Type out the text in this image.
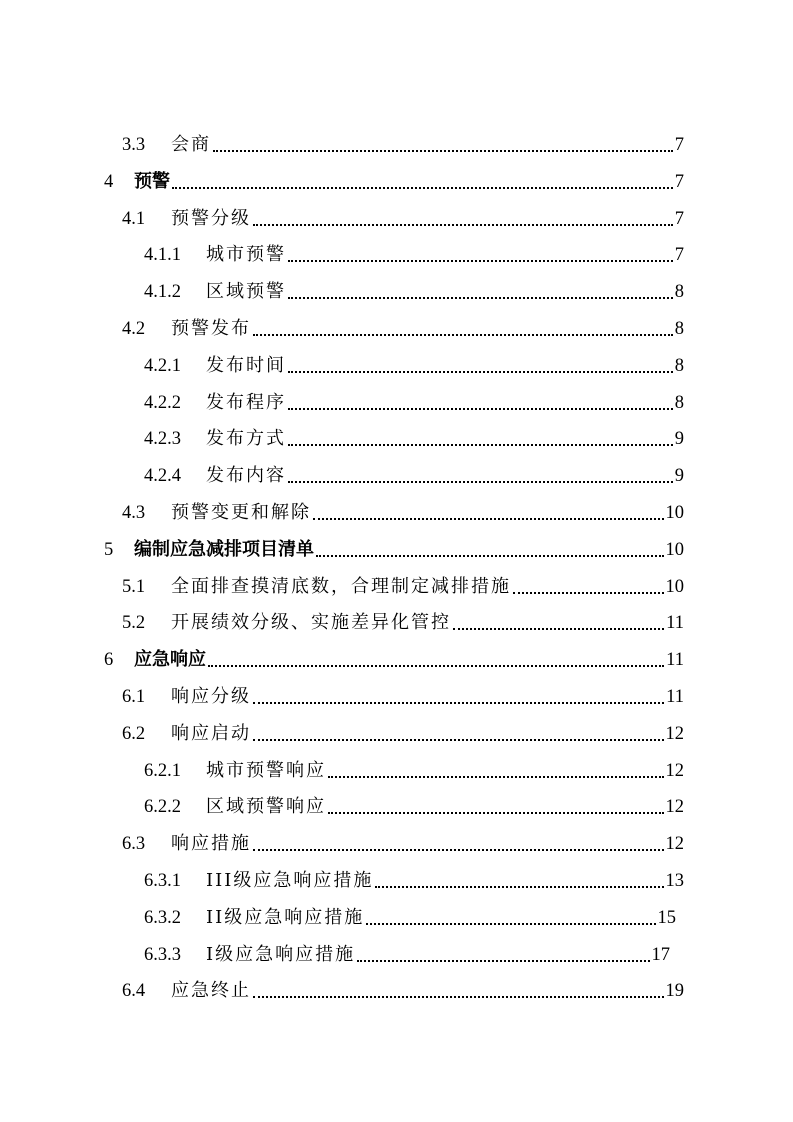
3.3	会商	7
4	预警	7
4.1	预警分级	7
4.1.1	城市预警	7
4.1.2	区域预警	8
4.2	预警发布	8
4.2.1	发布时间	8
4.2.2	发布程序	8
4.2.3	发布方式	9
4.2.4	发布内容	9
4.3	预警变更和解除	10
5	编制应急减排项目清单	10
5.1	全面排查摸清底数，合理制定减排措施	10
5.2	开展绩效分级、实施差异化管控	11
6	应急响应	11
6.1	响应分级	11
6.2	响应启动	12
6.2.1	城市预警响应	12
6.2.2	区域预警响应	12
6.3	响应措施	12
6.3.1	III级应急响应措施	13
6.3.2	II级应急响应措施	15
6.3.3	I级应急响应措施	17
6.4	应急终止	19
